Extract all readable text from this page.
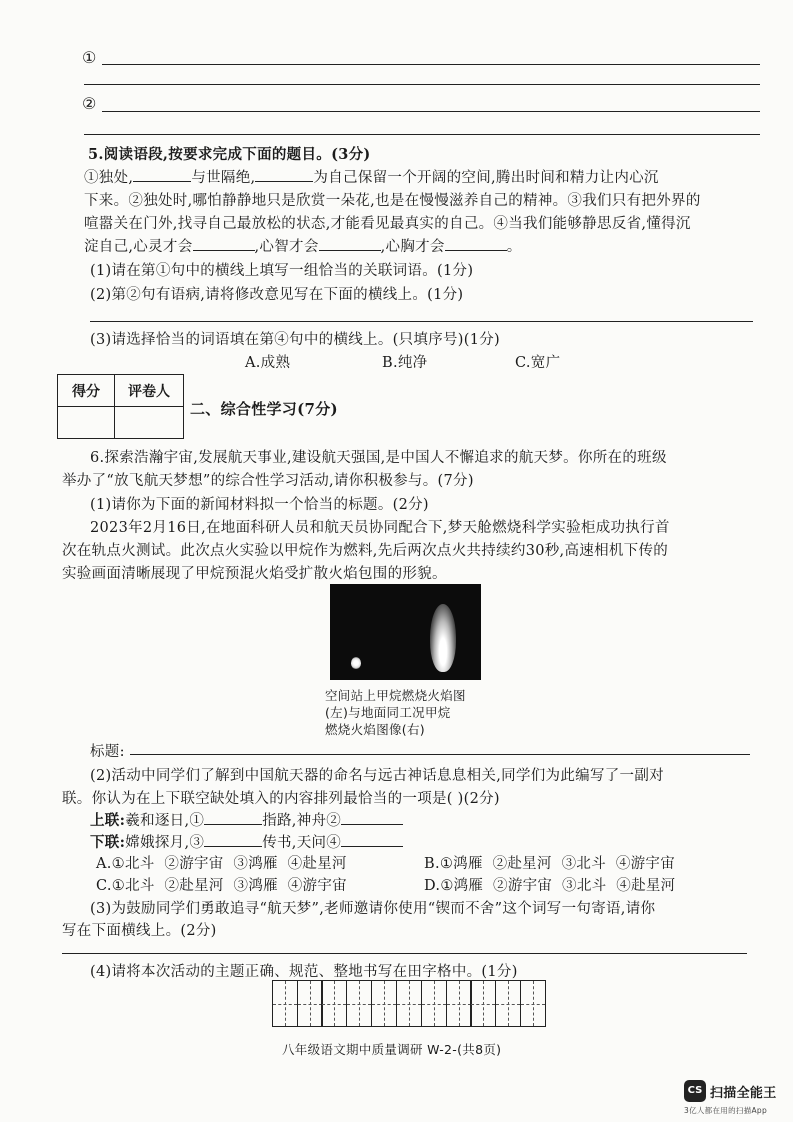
①
②
5.阅读语段,按要求完成下面的题目。(3分)
①独处,	与世隔绝,	为自己保留一个开阔的空间,腾出时间和精力让内心沉
下来。②独处时,哪怕静静地只是欣赏一朵花,也是在慢慢滋养自己的精神。③我们只有把外界的
喧嚣关在门外,找寻自己最放松的状态,才能看见最真实的自己。④当我们能够静思反省,懂得沉
淀自己,心灵才会	,心智才会	,心胸才会	。
(1)请在第①句中的横线上填写一组恰当的关联词语。(1分)
(2)第②句有语病,请将修改意见写在下面的横线上。(1分)
(3)请选择恰当的词语填在第④句中的横线上。(只填序号)(1分)
A.成熟	B.纯净	C.宽广
得分	评卷人

二、综合性学习(7分)
6.探索浩瀚宇宙,发展航天事业,建设航天强国,是中国人不懈追求的航天梦。你所在的班级
举办了“放飞航天梦想”的综合性学习活动,请你积极参与。(7分)
(1)请你为下面的新闻材料拟一个恰当的标题。(2分)
2023年2月16日,在地面科研人员和航天员协同配合下,梦天舱燃烧科学实验柜成功执行首
次在轨点火测试。此次点火实验以甲烷作为燃料,先后两次点火共持续约30秒,高速相机下传的
实验画面清晰展现了甲烷预混火焰受扩散火焰包围的形貌。
空间站上甲烷燃烧火焰图
(左)与地面同工况甲烷
燃烧火焰图像(右)
标题:
(2)活动中同学们了解到中国航天器的命名与远古神话息息相关,同学们为此编写了一副对
联。你认为在上下联空缺处填入的内容排列最恰当的一项是( )(2分)
上联:羲和逐日,①	指路,神舟②
下联:嫦娥探月,③	传书,天问④
A.①北斗  ②游宇宙  ③鸿雁  ④赴星河	B.①鸿雁  ②赴星河  ③北斗  ④游宇宙
C.①北斗  ②赴星河  ③鸿雁  ④游宇宙	D.①鸿雁  ②游宇宙  ③北斗  ④赴星河
(3)为鼓励同学们勇敢追寻“航天梦”,老师邀请你使用“锲而不舍”这个词写一句寄语,请你
写在下面横线上。(2分)
(4)请将本次活动的主题正确、规范、整地书写在田字格中。(1分)
八年级语文期中质量调研 W-2-(共8页)
CS 扫描全能王
3亿人都在用的扫描App
